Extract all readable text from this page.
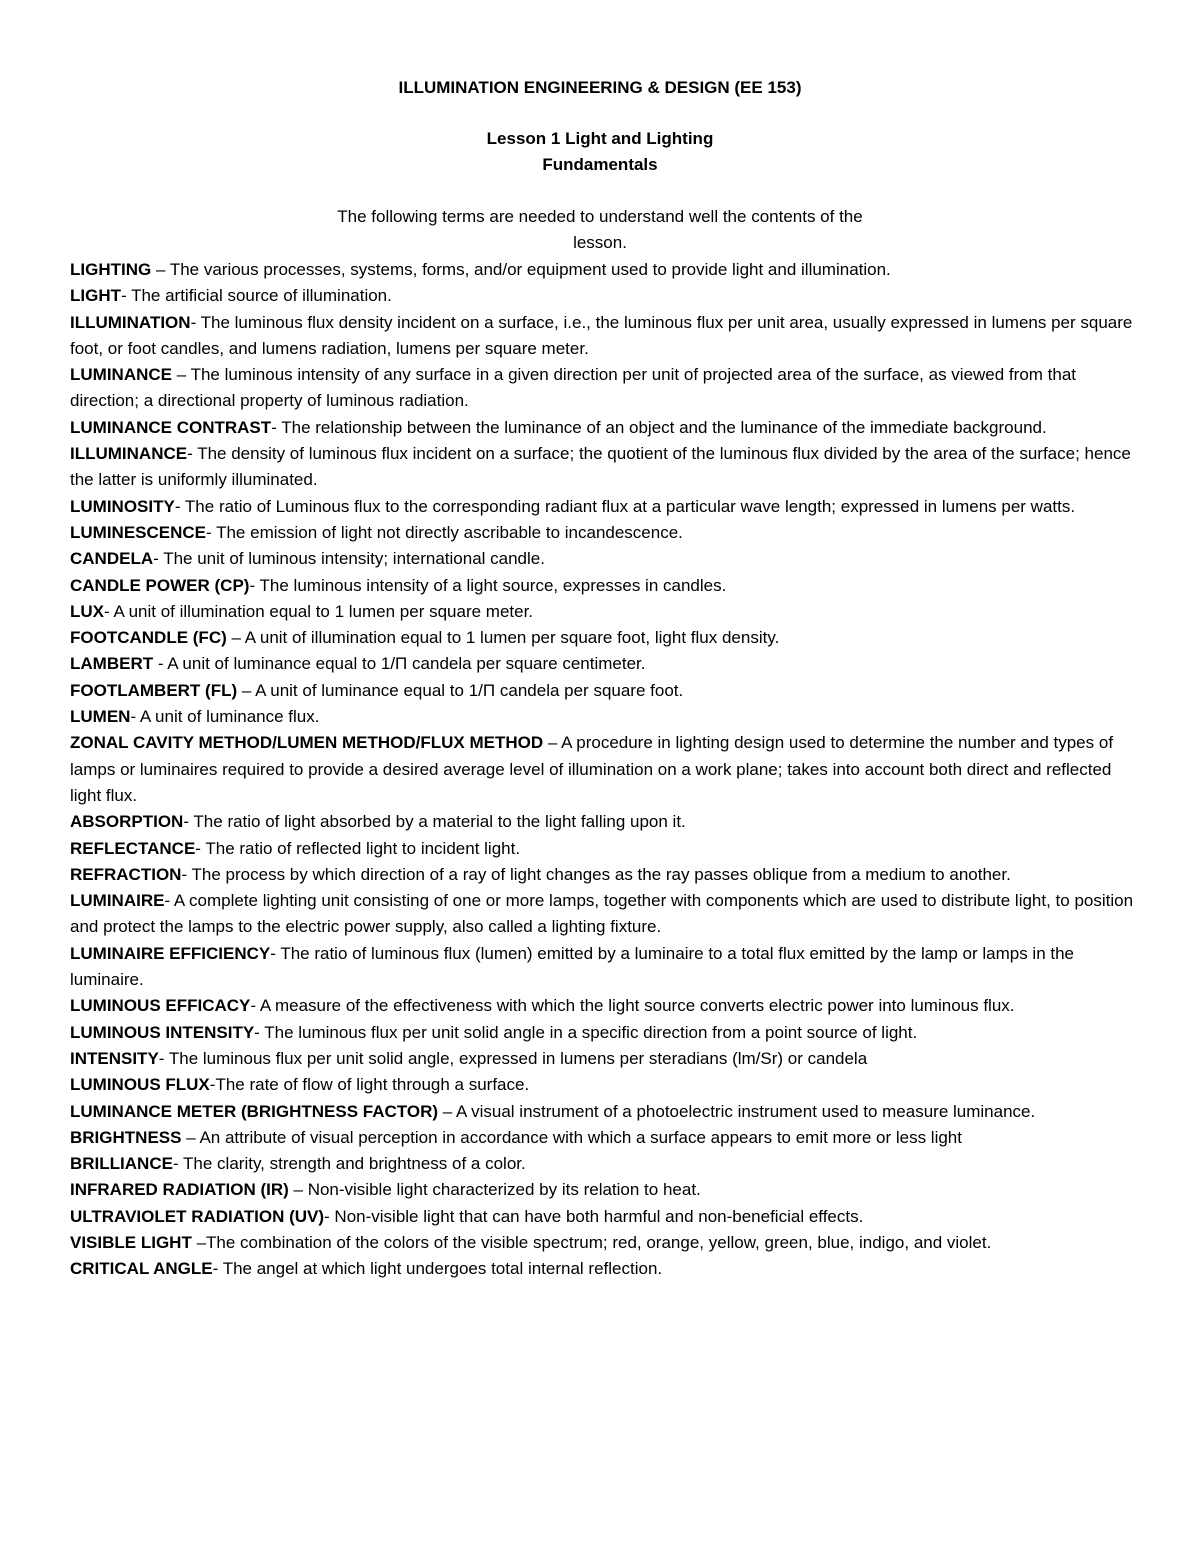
ILLUMINATION ENGINEERING & DESIGN (EE 153)
Lesson 1 Light and Lighting
Fundamentals
The following terms are needed to understand well the contents of the
lesson.

LIGHTING – The various processes, systems, forms, and/or equipment used to provide light and illumination.

LIGHT- The artificial source of illumination.

ILLUMINATION- The luminous flux density incident on a surface, i.e., the luminous flux per unit area, usually expressed in lumens per square foot, or foot candles, and lumens radiation, lumens per square meter.

LUMINANCE – The luminous intensity of any surface in a given direction per unit of projected area of the surface, as viewed from that direction; a directional property of luminous radiation.

LUMINANCE CONTRAST- The relationship between the luminance of an object and the luminance of the immediate background.

ILLUMINANCE- The density of luminous flux incident on a surface; the quotient of the luminous flux divided by the area of the surface; hence the latter is uniformly illuminated.

LUMINOSITY- The ratio of Luminous flux to the corresponding radiant flux at a particular wave length; expressed in lumens per watts.

LUMINESCENCE- The emission of light not directly ascribable to incandescence.

CANDELA- The unit of luminous intensity; international candle.

CANDLE POWER (CP)- The luminous intensity of a light source, expresses in candles.

LUX- A unit of illumination equal to 1 lumen per square meter.

FOOTCANDLE (FC) – A unit of illumination equal to 1 lumen per square foot, light flux density.

LAMBERT - A unit of luminance equal to 1/Π candela per square centimeter.

FOOTLAMBERT (FL) – A unit of luminance equal to 1/Π candela per square foot.

LUMEN- A unit of luminance flux.

ZONAL CAVITY METHOD/LUMEN METHOD/FLUX METHOD – A procedure in lighting design used to determine the number and types of lamps or luminaires required to provide a desired average level of illumination on a work plane; takes into account both direct and reflected light flux.

ABSORPTION- The ratio of light absorbed by a material to the light falling upon it.

REFLECTANCE- The ratio of reflected light to incident light.

REFRACTION- The process by which direction of a ray of light changes as the ray passes oblique from a medium to another.

LUMINAIRE- A complete lighting unit consisting of one or more lamps, together with components which are used to distribute light, to position and protect the lamps to the electric power supply, also called a lighting fixture.

LUMINAIRE EFFICIENCY- The ratio of luminous flux (lumen) emitted by a luminaire to a total flux emitted by the lamp or lamps in the luminaire.

LUMINOUS EFFICACY- A measure of the effectiveness with which the light source converts electric power into luminous flux.

LUMINOUS INTENSITY- The luminous flux per unit solid angle in a specific direction from a point source of light.

INTENSITY- The luminous flux per unit solid angle, expressed in lumens per steradians (lm/Sr) or candela

LUMINOUS FLUX-The rate of flow of light through a surface.

LUMINANCE METER (BRIGHTNESS FACTOR) – A visual instrument of a photoelectric instrument used to measure luminance.

BRIGHTNESS – An attribute of visual perception in accordance with which a surface appears to emit more or less light

BRILLIANCE- The clarity, strength and brightness of a color.

INFRARED RADIATION (IR) – Non-visible light characterized by its relation to heat.

ULTRAVIOLET RADIATION (UV)- Non-visible light that can have both harmful and non-beneficial effects.

VISIBLE LIGHT –The combination of the colors of the visible spectrum; red, orange, yellow, green, blue, indigo, and violet.

CRITICAL ANGLE- The angel at which light undergoes total internal reflection.
